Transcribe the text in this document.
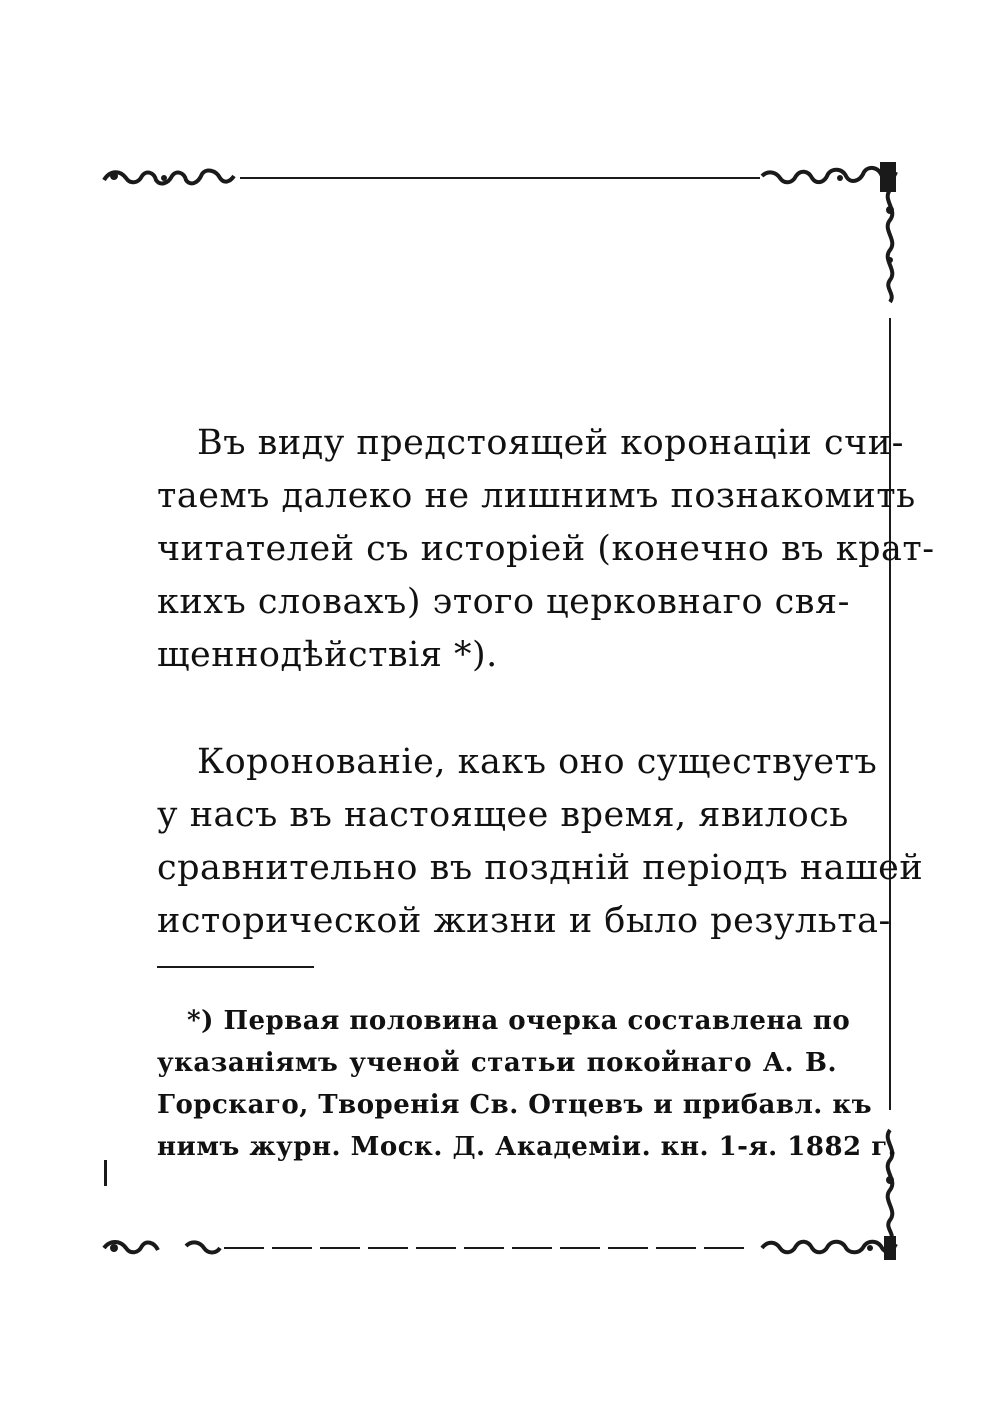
Въ виду предстоящей коронаціи счи-
таемъ далеко не лишнимъ познакомить
читателей съ исторіей (конечно въ крат-
кихъ словахъ) этого церковнаго свя-
щеннодѣйствія *).
Коронованіе, какъ оно существуетъ
у насъ въ настоящее время, явилось
сравнительно въ поздній періодъ нашей
исторической жизни и было результа-
*) Первая половина очерка составлена по
указаніямъ ученой статьи покойнаго А. В.
Горскаго, Творенія Св. Отцевъ и прибавл. къ
нимъ журн. Моск. Д. Академіи. кн. 1-я. 1882 г.
